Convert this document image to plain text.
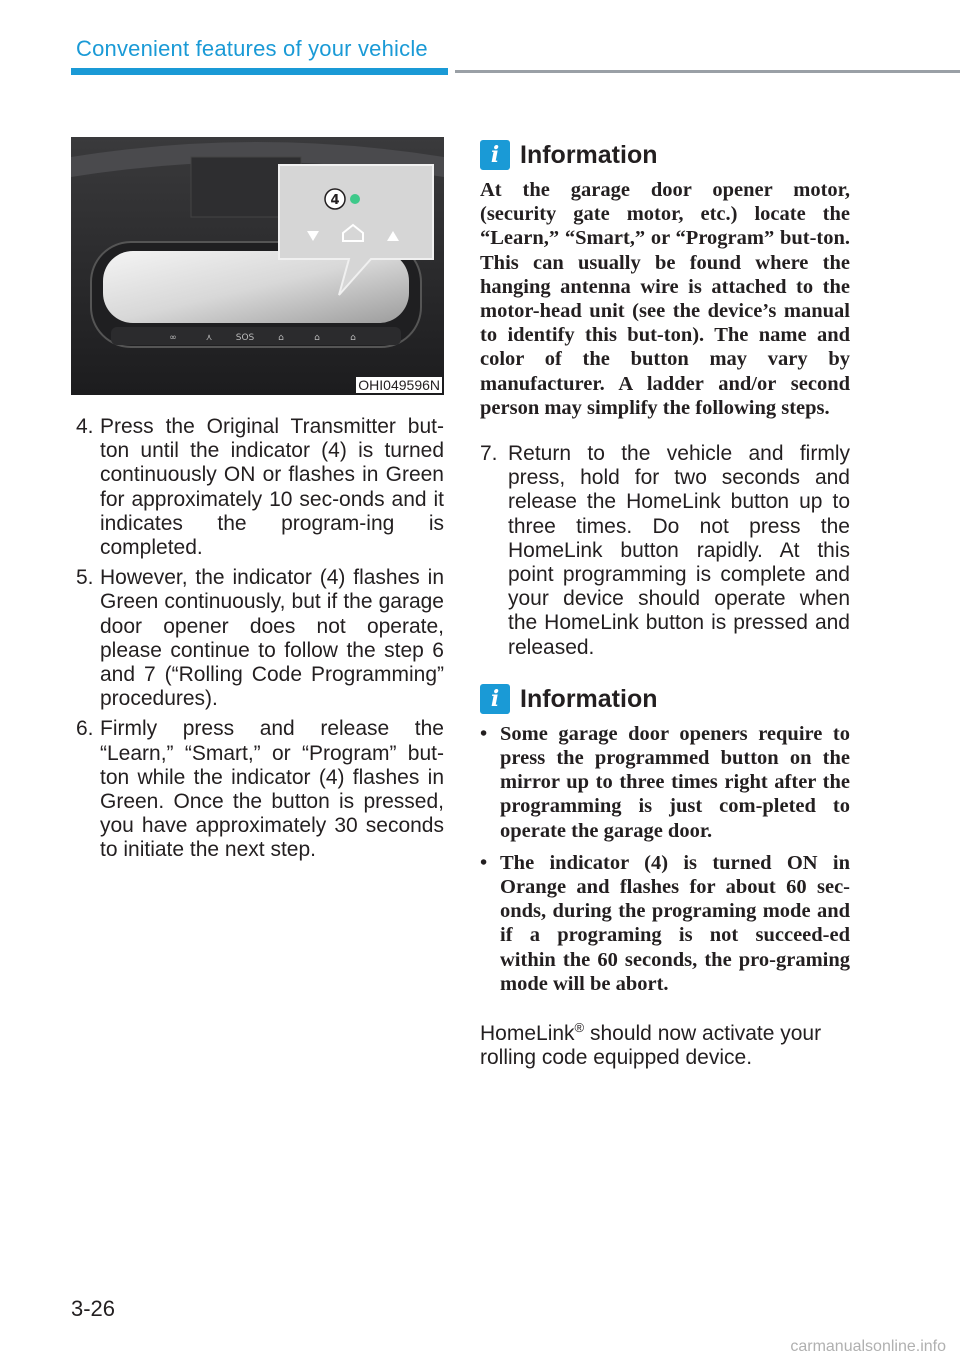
Convenient features of your vehicle
∞	⋏	SOS	⌂	⌂	⌂
4
OHI049596N
4. Press the Original Transmitter but-ton until the indicator (4) is turned continuously ON or flashes in Green for approximately 10 sec-onds and it indicates the program-ing is completed.
5. However, the indicator (4) flashes in Green continuously, but if the garage door opener does not operate, please continue to follow the step 6 and 7 (“Rolling Code Programming” procedures).
6. Firmly press and release the “Learn,” “Smart,” or “Program” but-ton while the indicator (4) flashes in Green. Once the button is pressed, you have approximately 30 seconds to initiate the next step.
i Information
At the garage door opener motor, (security gate motor, etc.) locate the “Learn,” “Smart,” or “Program” but-ton. This can usually be found where the hanging antenna wire is attached to the motor-head unit (see the device’s manual to identify this but-ton). The name and color of the button may vary by manufacturer. A ladder and/or second person may simplify the following steps.
7. Return to the vehicle and firmly press, hold for two seconds and release the HomeLink button up to three times. Do not press the HomeLink button rapidly. At this point programming is complete and your device should operate when the HomeLink button is pressed and released.
i Information
• Some garage door openers require to press the programmed button on the mirror up to three times right after the programming is just com-pleted to operate the garage door.
• The indicator (4) is turned ON in Orange and flashes for about 60 sec-onds, during the programing mode and if a programing is not succeed-ed within the 60 seconds, the pro-graming mode will be abort.
HomeLink® should now activate your rolling code equipped device.
3-26
carmanualsonline.info
